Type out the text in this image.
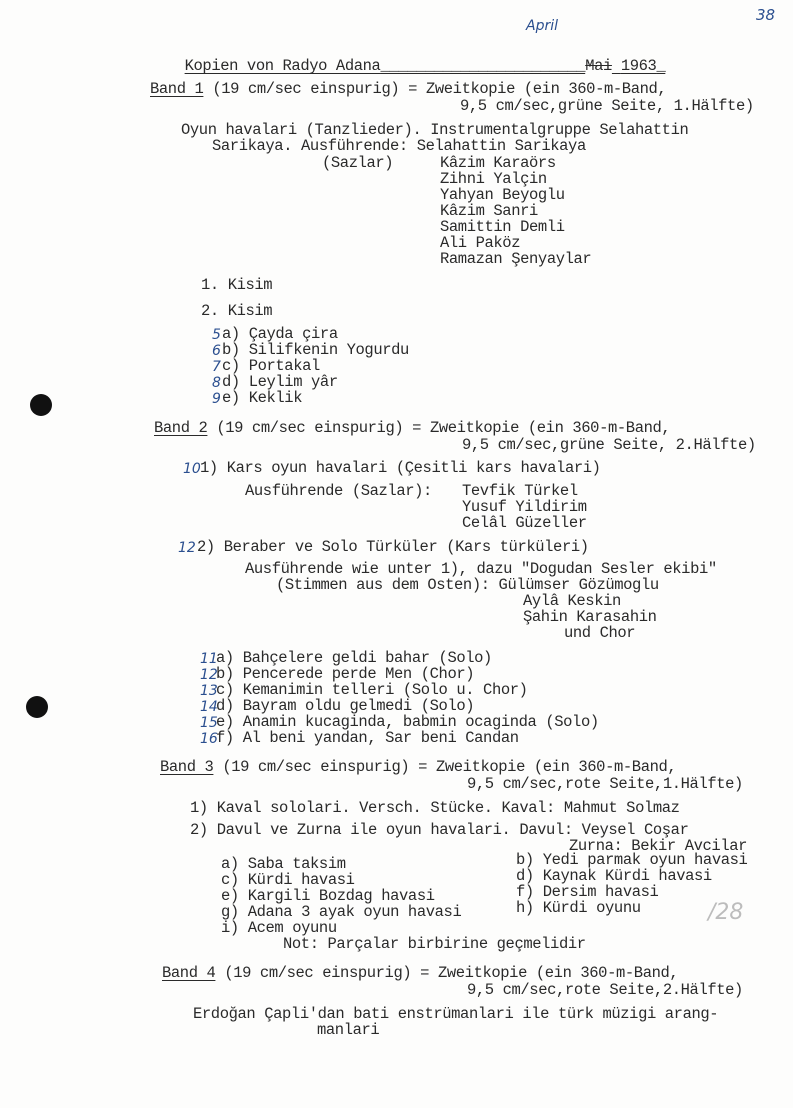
38
April
/28

Kopien von Radyo Adana_______________________Mai 1963_

Band 1 (19 cm/sec einspurig) = Zweitkopie (ein 360-m-Band,
9,5 cm/sec,grüne Seite, 1.Hälfte)
Oyun havalari (Tanzlieder). Instrumentalgruppe Selahattin
Sarikaya. Ausführende: Selahattin Sarikaya
(Sazlar)	Kâzim Karaörs
Zihni Yalçin
Yahyan Beyoglu
Kâzim Sanri
Samittin Demli
Ali Paköz
Ramazan Şenyaylar
1. Kisim
2. Kisim
5 a) Çayda çira
6 b) Silifkenin Yogurdu
7 c) Portakal
8 d) Leylim yâr
9 e) Keklik
Band 2 (19 cm/sec einspurig) = Zweitkopie (ein 360-m-Band,
9,5 cm/sec,grüne Seite, 2.Hälfte)
10 1) Kars oyun havalari (Çesitli kars havalari)
Ausführende (Sazlar): Tevfik Türkel
Yusuf Yildirim
Celâl Güzeller
12 2) Beraber ve Solo Türküler (Kars türküleri)
Ausführende wie unter 1), dazu "Dogudan Sesler ekibi"
(Stimmen aus dem Osten): Gülümser Gözümoglu
Aylâ Keskin
Şahin Karasahin
und Chor
11
a) Bahçelere geldi bahar (Solo)
12
b) Pencerede perde Men (Chor)
13
c) Kemanimin telleri (Solo u. Chor)
14
d) Bayram oldu gelmedi (Solo)
15
e) Anamin kucaginda, babmin ocaginda (Solo)
16
f) Al beni yandan, Sar beni Candan
Band 3 (19 cm/sec einspurig) = Zweitkopie (ein 360-m-Band,
9,5 cm/sec,rote Seite,1.Hälfte)
1) Kaval sololari. Versch. Stücke. Kaval: Mahmut Solmaz
2) Davul ve Zurna ile oyun havalari. Davul: Veysel Coşar
Zurna: Bekir Avcilar
a) Saba taksim
c) Kürdi havasi
e) Kargili Bozdag havasi
g) Adana 3 ayak oyun havasi
i) Acem oyunu
b) Yedi parmak oyun havasi
d) Kaynak Kürdi havasi
f) Dersim havasi
h) Kürdi oyunu
Not: Parçalar birbirine geçmelidir
Band 4 (19 cm/sec einspurig) = Zweitkopie (ein 360-m-Band,
9,5 cm/sec,rote Seite,2.Hälfte)
Erdoğan Çapli'dan bati enstrümanlari ile türk müzigi arang-
manlari
